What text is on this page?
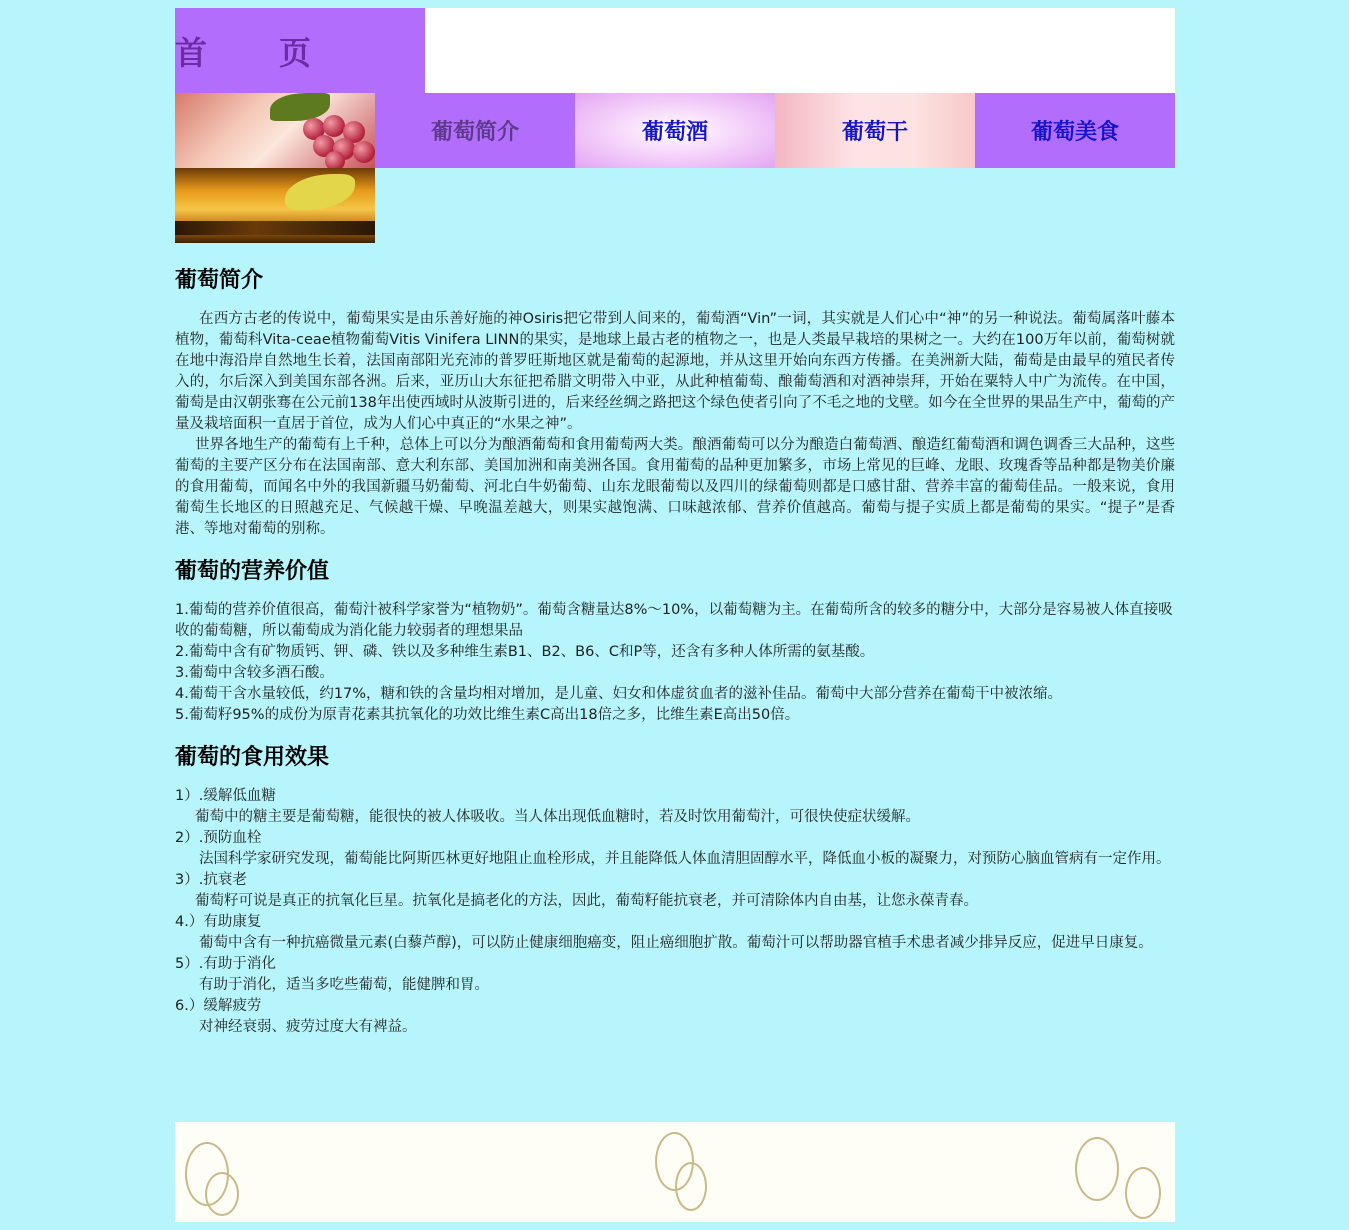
首　页
葡萄简介	葡萄酒	葡萄干	葡萄美食
葡萄简介

在西方古老的传说中，葡萄果实是由乐善好施的神Osiris把它带到人间来的，葡萄酒“Vin”一词，其实就是人们心中“神”的另一种说法。葡萄属落叶藤本植物，葡萄科Vita-ceae植物葡萄Vitis Vinifera LINN的果实，是地球上最古老的植物之一，也是人类最早栽培的果树之一。大约在100万年以前，葡萄树就在地中海沿岸自然地生长着，法国南部阳光充沛的普罗旺斯地区就是葡萄的起源地，并从这里开始向东西方传播。在美洲新大陆，葡萄是由最早的殖民者传入的，尔后深入到美国东部各洲。后来，亚历山大东征把希腊文明带入中亚，从此种植葡萄、酿葡萄酒和对酒神崇拜，开始在粟特人中广为流传。在中国，葡萄是由汉朝张骞在公元前138年出使西域时从波斯引进的，后来经丝绸之路把这个绿色使者引向了不毛之地的戈壁。如今在全世界的果品生产中，葡萄的产量及栽培面积一直居于首位，成为人们心中真正的“水果之神”。

世界各地生产的葡萄有上千种，总体上可以分为酿酒葡萄和食用葡萄两大类。酿酒葡萄可以分为酿造白葡萄酒、酿造红葡萄酒和调色调香三大品种，这些葡萄的主要产区分布在法国南部、意大利东部、美国加洲和南美洲各国。食用葡萄的品种更加繁多，市场上常见的巨峰、龙眼、玫瑰香等品种都是物美价廉的食用葡萄，而闻名中外的我国新疆马奶葡萄、河北白牛奶葡萄、山东龙眼葡萄以及四川的绿葡萄则都是口感甘甜、营养丰富的葡萄佳品。一般来说，食用葡萄生长地区的日照越充足、气候越干燥、早晚温差越大，则果实越饱满、口味越浓郁、营养价值越高。葡萄与提子实质上都是葡萄的果实。“提子”是香港、等地对葡萄的别称。

葡萄的营养价值

1.葡萄的营养价值很高，葡萄汁被科学家誉为“植物奶”。葡萄含糖量达8%～10%，以葡萄糖为主。在葡萄所含的较多的糖分中，大部分是容易被人体直接吸收的葡萄糖，所以葡萄成为消化能力较弱者的理想果品

2.葡萄中含有矿物质钙、钾、磷、铁以及多种维生素B1、B2、B6、C和P等，还含有多种人体所需的氨基酸。

3.葡萄中含较多酒石酸。

4.葡萄干含水量较低，约17%，糖和铁的含量均相对增加，是儿童、妇女和体虚贫血者的滋补佳品。葡萄中大部分营养在葡萄干中被浓缩。

5.葡萄籽95%的成份为原青花素其抗氧化的功效比维生素C高出18倍之多，比维生素E高出50倍。

葡萄的食用效果

1）.缓解低血糖

葡萄中的糖主要是葡萄糖，能很快的被人体吸收。当人体出现低血糖时，若及时饮用葡萄汁，可很快使症状缓解。

2）.预防血栓

法国科学家研究发现，葡萄能比阿斯匹林更好地阻止血栓形成，并且能降低人体血清胆固醇水平，降低血小板的凝聚力，对预防心脑血管病有一定作用。

3）.抗衰老

葡萄籽可说是真正的抗氧化巨星。抗氧化是搞老化的方法，因此，葡萄籽能抗衰老，并可清除体内自由基，让您永葆青春。

4.）有助康复

葡萄中含有一种抗癌微量元素(白藜芦醇)，可以防止健康细胞癌变，阻止癌细胞扩散。葡萄汁可以帮助器官植手术患者减少排异反应，促进早日康复。

5）.有助于消化

有助于消化，适当多吃些葡萄，能健脾和胃。

6.）缓解疲劳

对神经衰弱、疲劳过度大有裨益。
